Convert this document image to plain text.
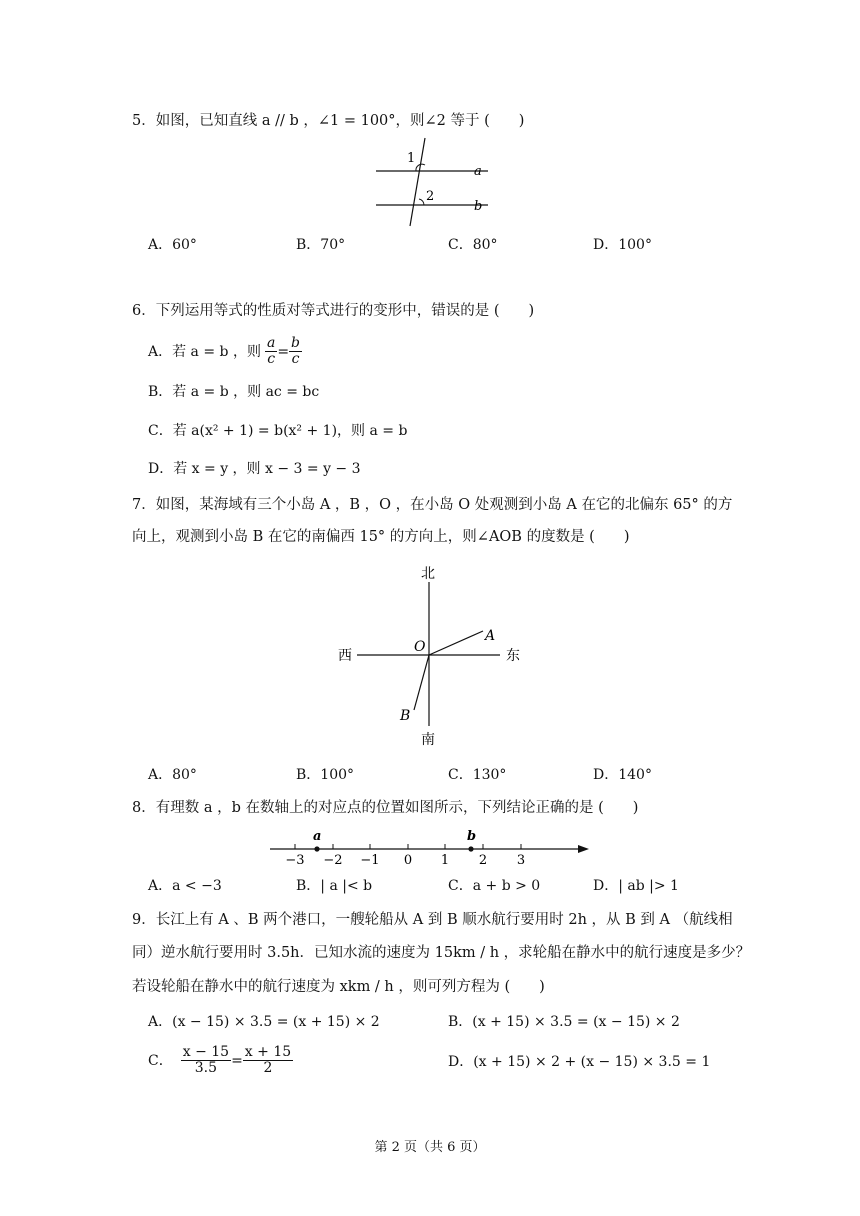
5．如图，已知直线 a // b ，∠1 = 100°，则∠2 等于 (　　)
1
2
a
b
A．60°	B．70°	C．80°	D．100°
6．下列运用等式的性质对等式进行的变形中，错误的是 (　　)
A．若 a = b ，则 $\frac{a}{c} = \frac{b}{c}$
B．若 a = b ，则 ac = bc
C．若 a(x² + 1) = b(x² + 1)，则 a = b
D．若 x = y ，则 x − 3 = y − 3
7．如图，某海域有三个小岛 A ，B ，O ，在小岛 O 处观测到小岛 A 在它的北偏东 65° 的方
向上，观测到小岛 B 在它的南偏西 15° 的方向上，则∠AOB 的度数是 (　　)
北
南
西	东
O
A
B
A．80°	B．100°	C．130°	D．140°
8．有理数 a ，b 在数轴上的对应点的位置如图所示，下列结论正确的是 (　　)
a	b
−3 −2 −1 0 1 2 3
A．a < −3	B．| a |< b	C．a + b > 0	D．| ab |> 1
9．长江上有 A 、B 两个港口，一艘轮船从 A 到 B 顺水航行要用时 2h ，从 B 到 A （航线相
同）逆水航行要用时 3.5h．已知水流的速度为 15km / h ，求轮船在静水中的航行速度是多少？
若设轮船在静水中的航行速度为 xkm / h ，则可列方程为 (　　)
A．(x − 15) × 3.5 = (x + 15) × 2	B．(x + 15) × 3.5 = (x − 15) × 2
C． $\frac{x - 15}{3.5} = \frac{x + 15}{2}$	D．(x + 15) × 2 + (x − 15) × 3.5 = 1
第 2 页（共 6 页）
